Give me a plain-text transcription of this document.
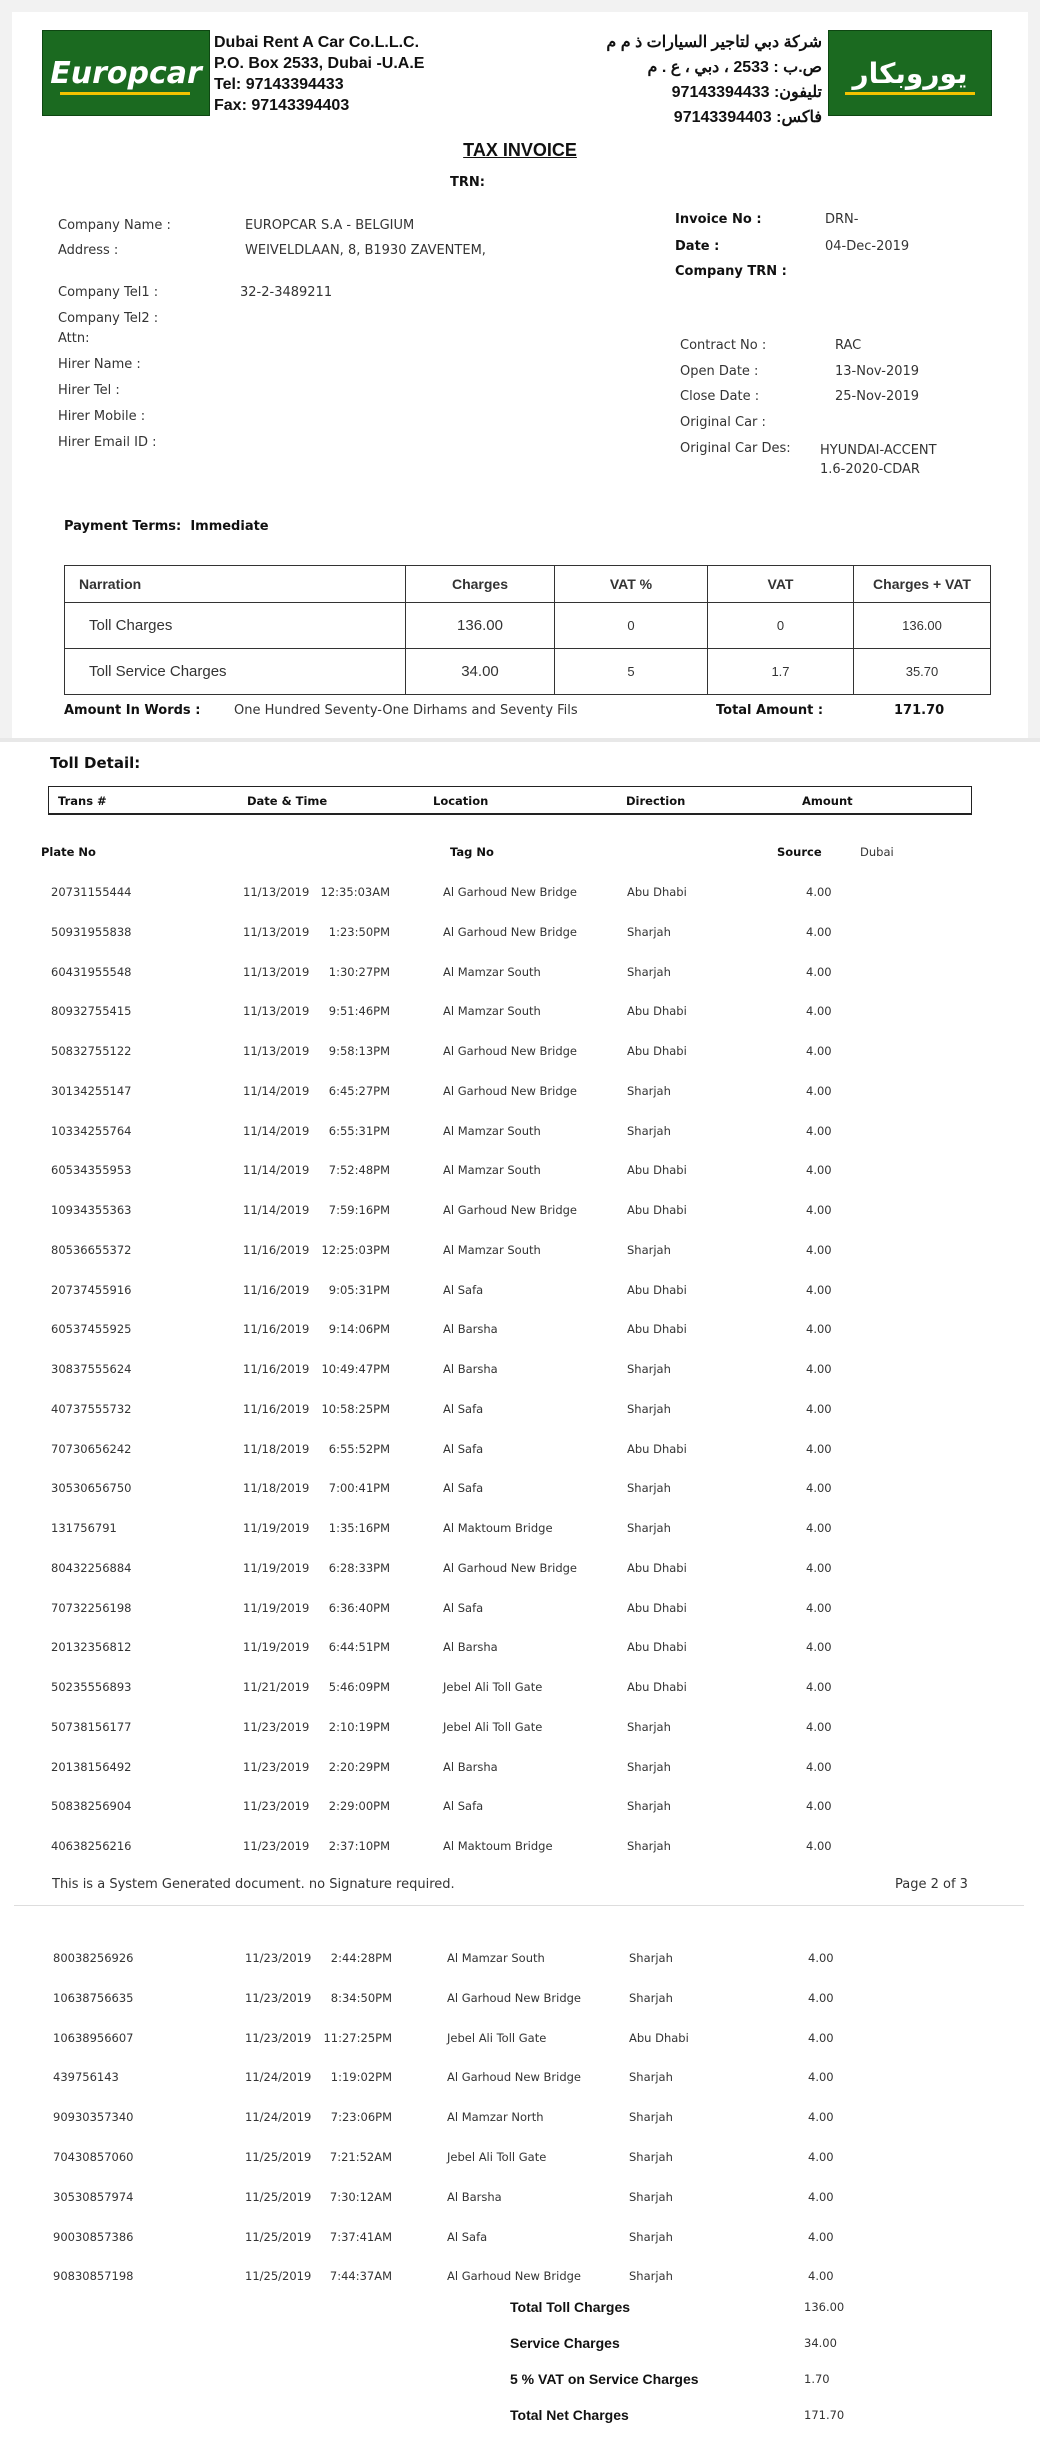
Europcar
Dubai Rent A Car Co.L.L.C.
P.O. Box 2533, Dubai -U.A.E
Tel: 97143394433
Fax: 97143394403
شركة دبي لتاجير السيارات ذ م م
ص.ب : 2533 ، دبي ، ع . م
تليفون: 97143394433
فاكس: 97143394403
يوروبكار
TAX INVOICE
TRN:
Company Name :	EUROPCAR S.A - BELGIUM
Address :	WEIVELDLAAN, 8, B1930 ZAVENTEM,
Company Tel1 :	32-2-3489211
Company Tel2 :
Attn:
Hirer Name :
Hirer Tel :
Hirer Mobile :
Hirer Email ID :
Invoice No :	DRN-
Date :	04-Dec-2019
Company TRN :
Contract No :	RAC
Open Date :	13-Nov-2019
Close Date :	25-Nov-2019
Original Car :
Original Car Des: HYUNDAI-ACCENT
1.6-2020-CDAR
Payment Terms: Immediate
Narration	Charges	VAT %	VAT	Charges + VAT
Toll Charges	136.00	0	0	136.00
Toll Service Charges	34.00	5	1.7	35.70
Amount In Words :	One Hundred Seventy-One Dirhams and Seventy Fils	Total Amount :	171.70
Toll Detail:
Trans #	Date & Time	Location	Direction	Amount
Plate No	Tag No	Source	Dubai
20731155444	11/13/2019 12:35:03AM	Al Garhoud New Bridge	Abu Dhabi	4.00
50931955838	11/13/2019	1:23:50PM	Al Garhoud New Bridge	Sharjah	4.00
60431955548	11/13/2019	1:30:27PM	Al Mamzar South	Sharjah	4.00
80932755415	11/13/2019	9:51:46PM	Al Mamzar South	Abu Dhabi	4.00
50832755122	11/13/2019	9:58:13PM	Al Garhoud New Bridge	Abu Dhabi	4.00
30134255147	11/14/2019	6:45:27PM	Al Garhoud New Bridge	Sharjah	4.00
10334255764	11/14/2019	6:55:31PM	Al Mamzar South	Sharjah	4.00
60534355953	11/14/2019	7:52:48PM	Al Mamzar South	Abu Dhabi	4.00
10934355363	11/14/2019	7:59:16PM	Al Garhoud New Bridge	Abu Dhabi	4.00
80536655372	11/16/2019 12:25:03PM	Al Mamzar South	Sharjah	4.00
20737455916	11/16/2019	9:05:31PM	Al Safa	Abu Dhabi	4.00
60537455925	11/16/2019	9:14:06PM	Al Barsha	Abu Dhabi	4.00
30837555624	11/16/2019 10:49:47PM	Al Barsha	Sharjah	4.00
40737555732	11/16/2019 10:58:25PM	Al Safa	Sharjah	4.00
70730656242	11/18/2019	6:55:52PM	Al Safa	Abu Dhabi	4.00
30530656750	11/18/2019	7:00:41PM	Al Safa	Sharjah	4.00
131756791	11/19/2019	1:35:16PM	Al Maktoum Bridge	Sharjah	4.00
80432256884	11/19/2019	6:28:33PM	Al Garhoud New Bridge	Abu Dhabi	4.00
70732256198	11/19/2019	6:36:40PM	Al Safa	Abu Dhabi	4.00
20132356812	11/19/2019	6:44:51PM	Al Barsha	Abu Dhabi	4.00
50235556893	11/21/2019	5:46:09PM	Jebel Ali Toll Gate	Abu Dhabi	4.00
50738156177	11/23/2019	2:10:19PM	Jebel Ali Toll Gate	Sharjah	4.00
20138156492	11/23/2019	2:20:29PM	Al Barsha	Sharjah	4.00
50838256904	11/23/2019	2:29:00PM	Al Safa	Sharjah	4.00
40638256216	11/23/2019	2:37:10PM	Al Maktoum Bridge	Sharjah	4.00
This is a System Generated document. no Signature required.	Page 2 of 3
80038256926	11/23/2019	2:44:28PM	Al Mamzar South	Sharjah	4.00
10638756635	11/23/2019	8:34:50PM	Al Garhoud New Bridge	Sharjah	4.00
10638956607	11/23/2019 11:27:25PM	Jebel Ali Toll Gate	Abu Dhabi	4.00
439756143	11/24/2019	1:19:02PM	Al Garhoud New Bridge	Sharjah	4.00
90930357340	11/24/2019	7:23:06PM	Al Mamzar North	Sharjah	4.00
70430857060	11/25/2019	7:21:52AM	Jebel Ali Toll Gate	Sharjah	4.00
30530857974	11/25/2019	7:30:12AM	Al Barsha	Sharjah	4.00
90030857386	11/25/2019	7:37:41AM	Al Safa	Sharjah	4.00
90830857198	11/25/2019	7:44:37AM	Al Garhoud New Bridge	Sharjah	4.00
Total Toll Charges	136.00
Service Charges	34.00
5 % VAT on Service Charges	1.70
Total Net Charges	171.70
